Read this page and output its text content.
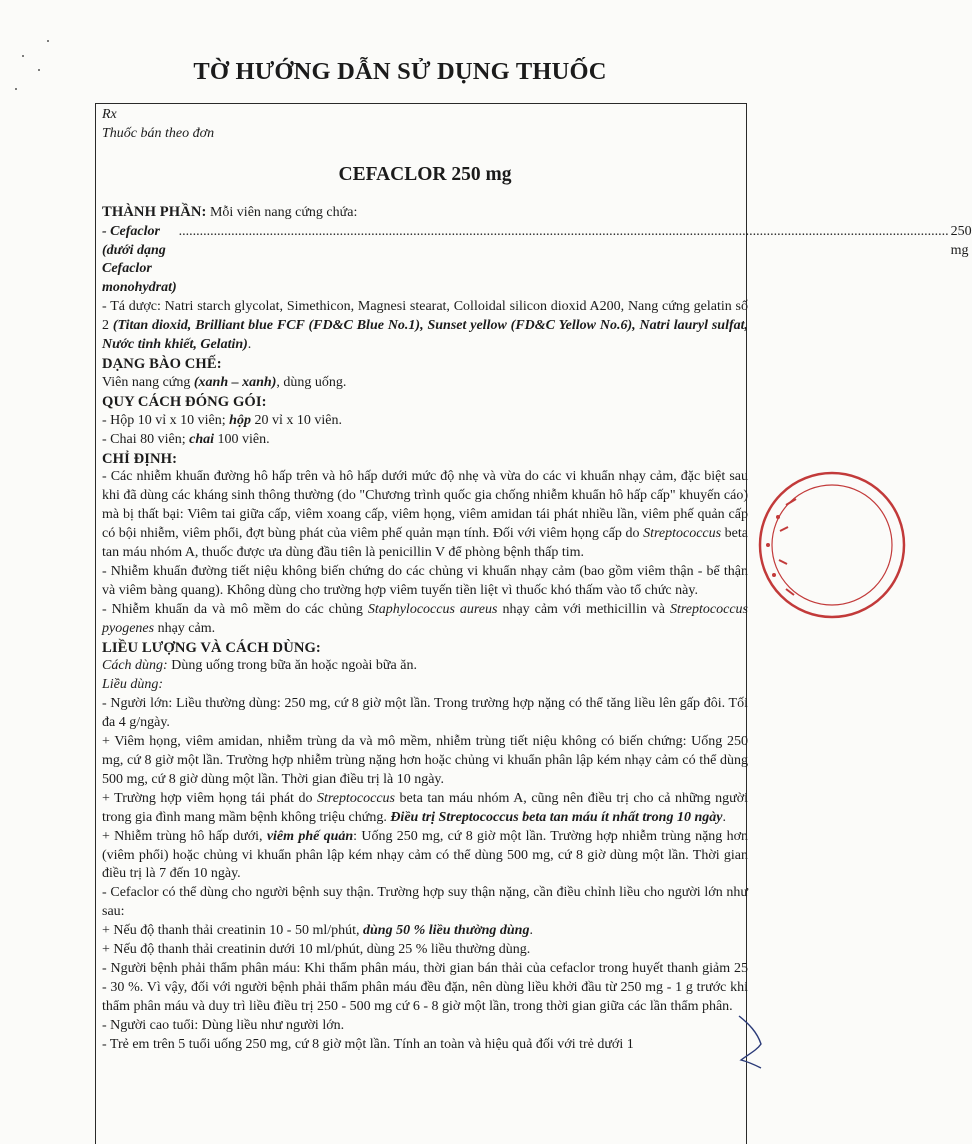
TỜ HƯỚNG DẪN SỬ DỤNG THUỐC

Rx

Thuốc bán theo đơn

CEFACLOR 250 mg

THÀNH PHẦN: Mỗi viên nang cứng chứa:

- Cefaclor (dưới dạng Cefaclor monohydrat)
............................................................................................................................................................................................................................ 250 mg

- Tá dược: Natri starch glycolat, Simethicon, Magnesi stearat, Colloidal silicon dioxid A200, Nang cứng gelatin số 2 (Titan dioxid, Brilliant blue FCF (FD&C Blue No.1), Sunset yellow (FD&C Yellow No.6), Natri lauryl sulfat, Nước tinh khiết, Gelatin).

DẠNG BÀO CHẾ:

Viên nang cứng (xanh – xanh), dùng uống.

QUY CÁCH ĐÓNG GÓI:

- Hộp 10 vỉ x 10 viên; hộp 20 vỉ x 10 viên.

- Chai 80 viên; chai 100 viên.

CHỈ ĐỊNH:

- Các nhiễm khuẩn đường hô hấp trên và hô hấp dưới mức độ nhẹ và vừa do các vi khuẩn nhạy cảm, đặc biệt sau khi đã dùng các kháng sinh thông thường (do "Chương trình quốc gia chống nhiễm khuẩn hô hấp cấp" khuyến cáo) mà bị thất bại: Viêm tai giữa cấp, viêm xoang cấp, viêm họng, viêm amidan tái phát nhiều lần, viêm phế quản cấp có bội nhiễm, viêm phổi, đợt bùng phát của viêm phế quản mạn tính. Đối với viêm họng cấp do Streptococcus beta tan máu nhóm A, thuốc được ưa dùng đầu tiên là penicillin V để phòng bệnh thấp tim.

- Nhiễm khuẩn đường tiết niệu không biến chứng do các chủng vi khuẩn nhạy cảm (bao gồm viêm thận - bể thận và viêm bàng quang). Không dùng cho trường hợp viêm tuyến tiền liệt vì thuốc khó thấm vào tổ chức này.

- Nhiễm khuẩn da và mô mềm do các chủng Staphylococcus aureus nhạy cảm với methicillin và Streptococcus pyogenes nhạy cảm.

LIỀU LƯỢNG VÀ CÁCH DÙNG:

Cách dùng: Dùng uống trong bữa ăn hoặc ngoài bữa ăn.

Liều dùng:

- Người lớn: Liều thường dùng: 250 mg, cứ 8 giờ một lần. Trong trường hợp nặng có thể tăng liều lên gấp đôi. Tối đa 4 g/ngày.

+ Viêm họng, viêm amidan, nhiễm trùng da và mô mềm, nhiễm trùng tiết niệu không có biến chứng: Uống 250 mg, cứ 8 giờ một lần. Trường hợp nhiễm trùng nặng hơn hoặc chủng vi khuẩn phân lập kém nhạy cảm có thể dùng 500 mg, cứ 8 giờ dùng một lần. Thời gian điều trị là 10 ngày.

+ Trường hợp viêm họng tái phát do Streptococcus beta tan máu nhóm A, cũng nên điều trị cho cả những người trong gia đình mang mầm bệnh không triệu chứng. Điều trị Streptococcus beta tan máu ít nhất trong 10 ngày.

+ Nhiễm trùng hô hấp dưới, viêm phế quản: Uống 250 mg, cứ 8 giờ một lần. Trường hợp nhiễm trùng nặng hơn (viêm phổi) hoặc chủng vi khuẩn phân lập kém nhạy cảm có thể dùng 500 mg, cứ 8 giờ dùng một lần. Thời gian điều trị là 7 đến 10 ngày.

- Cefaclor có thể dùng cho người bệnh suy thận. Trường hợp suy thận nặng, cần điều chỉnh liều cho người lớn như sau:

+ Nếu độ thanh thải creatinin 10 - 50 ml/phút, dùng 50 % liều thường dùng.

+ Nếu độ thanh thải creatinin dưới 10 ml/phút, dùng 25 % liều thường dùng.

- Người bệnh phải thẩm phân máu: Khi thẩm phân máu, thời gian bán thải của cefaclor trong huyết thanh giảm 25 - 30 %. Vì vậy, đối với người bệnh phải thẩm phân máu đều đặn, nên dùng liều khởi đầu từ 250 mg - 1 g trước khi thẩm phân máu và duy trì liều điều trị 250 - 500 mg cứ 6 - 8 giờ một lần, trong thời gian giữa các lần thẩm phân.

- Người cao tuổi: Dùng liều như người lớn.

- Trẻ em trên 5 tuổi uống 250 mg, cứ 8 giờ một lần. Tính an toàn và hiệu quả đối với trẻ dưới 1
